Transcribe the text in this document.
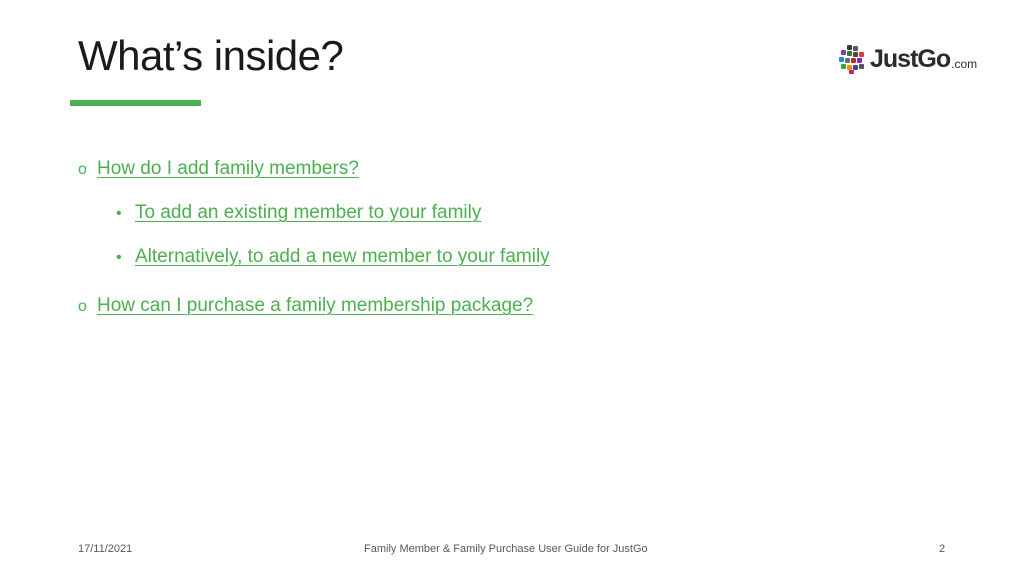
What’s inside?	JustGo .com
o How do I add family members?
• To add an existing member to your family
• Alternatively, to add a new member to your family
o How can I purchase a family membership package?
17/11/2021	Family Member & Family Purchase User Guide for JustGo	2
